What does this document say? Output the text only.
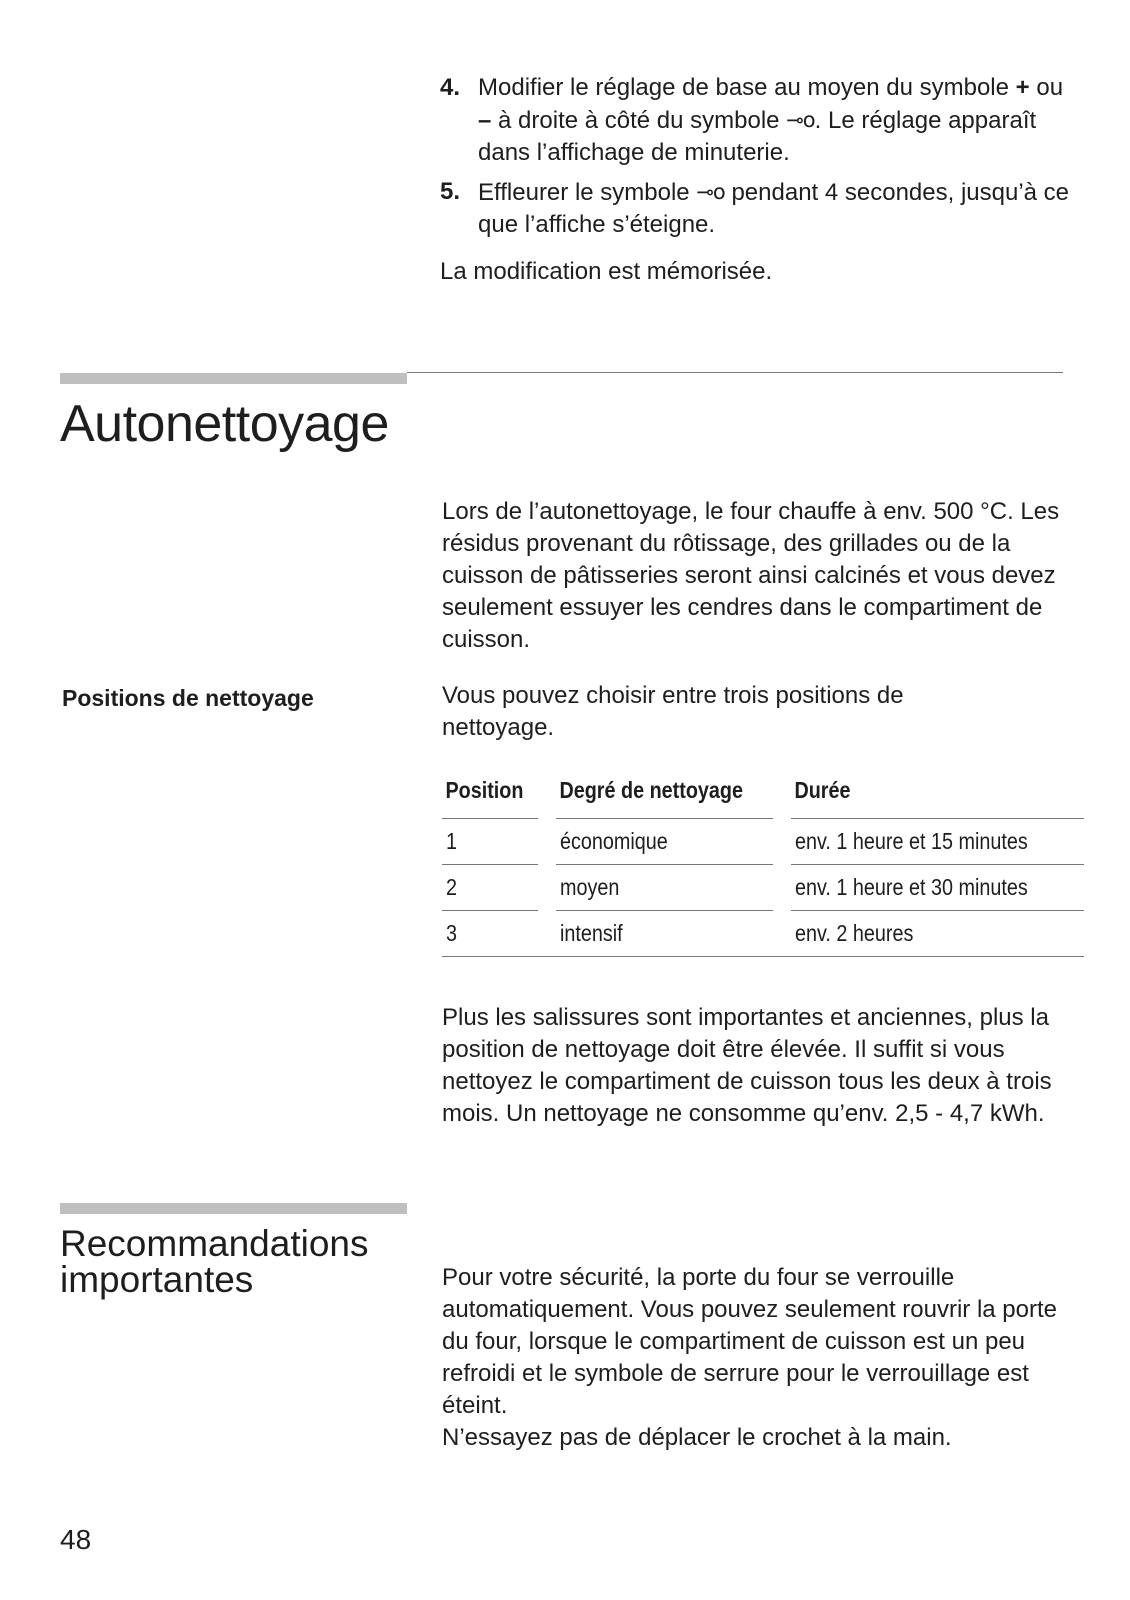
4. Modifier le réglage de base au moyen du symbole + ou – à droite à côté du symbole ⊸o. Le réglage apparaît dans l’affichage de minuterie.
5. Effleurer le symbole ⊸o pendant 4 secondes, jusqu’à ce que l’affiche s’éteigne.
La modification est mémorisée.
Autonettoyage
Lors de l’autonettoyage, le four chauffe à env. 500 °C. Les résidus provenant du rôtissage, des grillades ou de la cuisson de pâtisseries seront ainsi calcinés et vous devez seulement essuyer les cendres dans le compartiment de cuisson.
Positions de nettoyage	Vous pouvez choisir entre trois positions de nettoyage.
Position		Degré de nettoyage		Durée
1		économique		env. 1 heure et 15 minutes
2		moyen		env. 1 heure et 30 minutes
3		intensif		env. 2 heures
Plus les salissures sont importantes et anciennes, plus la position de nettoyage doit être élevée. Il suffit si vous nettoyez le compartiment de cuisson tous les deux à trois mois. Un nettoyage ne consomme qu’env. 2,5 - 4,7 kWh.
Recommandations importantes	Pour votre sécurité, la porte du four se verrouille automatiquement. Vous pouvez seulement rouvrir la porte du four, lorsque le compartiment de cuisson est un peu refroidi et le symbole de serrure pour le verrouillage est éteint.
N’essayez pas de déplacer le crochet à la main.
48
